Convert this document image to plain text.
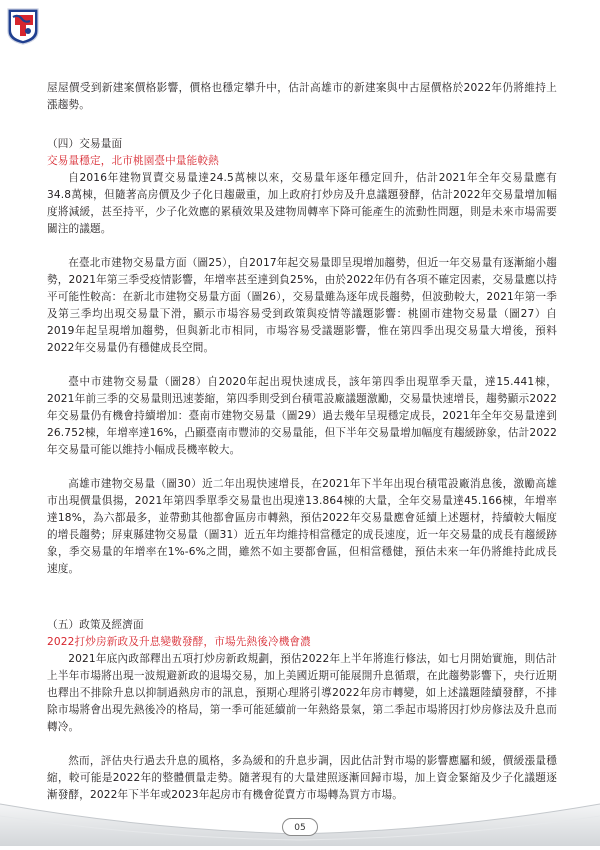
屋屋價受到新建案價格影響，價格也穩定攀升中，估計高雄市的新建案與中古屋價格於2022年仍將維持上漲趨勢。

（四）交易量面

交易量穩定，北市桃園臺中量能較熱

自2016年建物買賣交易量達24.5萬棟以來，交易量年逐年穩定回升，估計2021年全年交易量應有34.8萬棟，但隨著高房價及少子化日趨嚴重，加上政府打炒房及升息議題發酵，估計2022年交易量增加幅度將減緩，甚至持平，少子化效應的累積效果及建物周轉率下降可能產生的流動性問題，則是未來市場需要關注的議題。

在臺北市建物交易量方面（圖25），自2017年起交易量即呈現增加趨勢，但近一年交易量有逐漸縮小趨勢，2021年第三季受疫情影響，年增率甚至達到負25%，由於2022年仍有各項不確定因素，交易量應以持平可能性較高：在新北市建物交易量方面（圖26），交易量雖為逐年成長趨勢，但波動較大，2021年第一季及第三季均出現交易量下滑，顯示市場容易受到政策與疫情等議題影響：桃園市建物交易量（圖27）自2019年起呈現增加趨勢，但與新北市相同，市場容易受議題影響，惟在第四季出現交易量大增後，預料2022年交易量仍有穩健成長空間。

臺中市建物交易量（圖28）自2020年起出現快速成長，該年第四季出現單季天量，達15.441棟，2021年前三季的交易量則迅速萎縮，第四季則受到台積電設廠議題激勵，交易量快速增長，趨勢顯示2022年交易量仍有機會持續增加：臺南市建物交易量（圖29）過去幾年呈現穩定成長，2021年全年交易量達到26.752棟，年增率達16%，凸顯臺南市豐沛的交易量能，但下半年交易量增加幅度有趨緩跡象，估計2022年交易量可能以維持小幅成長機率較大。

高雄市建物交易量（圖30）近二年出現快速增長，在2021年下半年出現台積電設廠消息後，激勵高雄市出現價量俱揚，2021年第四季單季交易量也出現達13.864棟的大量，全年交易量達45.166棟，年增率達18%，為六都最多，並帶動其他都會區房市轉熱，預估2022年交易量應會延續上述題材，持續較大幅度的增長趨勢；屏東縣建物交易量（圖31）近五年均維持相當穩定的成長速度，近一年交易量的成長有趨緩跡象，季交易量的年增率在1%-6%之間，雖然不如主要都會區，但相當穩健，預估未來一年仍將維持此成長速度。

（五）政策及經濟面

2022打炒房新政及升息變數發酵，市場先熱後冷機會濃

2021年底內政部釋出五項打炒房新政規劃，預估2022年上半年將進行修法，如七月開始實施，則估計上半年市場將出現一波規避新政的退場交易，加上美國近期可能展開升息循環，在此趨勢影響下，央行近期也釋出不排除升息以抑制過熱房市的訊息，預期心理將引導2022年房市轉變，如上述議題陸續發酵，不排除市場將會出現先熱後冷的格局，第一季可能延續前一年熱絡景氣，第二季起市場將因打炒房修法及升息而轉冷。

然而，評估央行過去升息的風格，多為緩和的升息步調，因此估計對市場的影響應屬和緩，價緩漲量穩縮，較可能是2022年的整體價量走勢。隨著現有的大量建照逐漸回歸市場，加上資金緊縮及少子化議題逐漸發酵，2022年下半年或2023年起房市有機會從賣方市場轉為買方市場。

05
